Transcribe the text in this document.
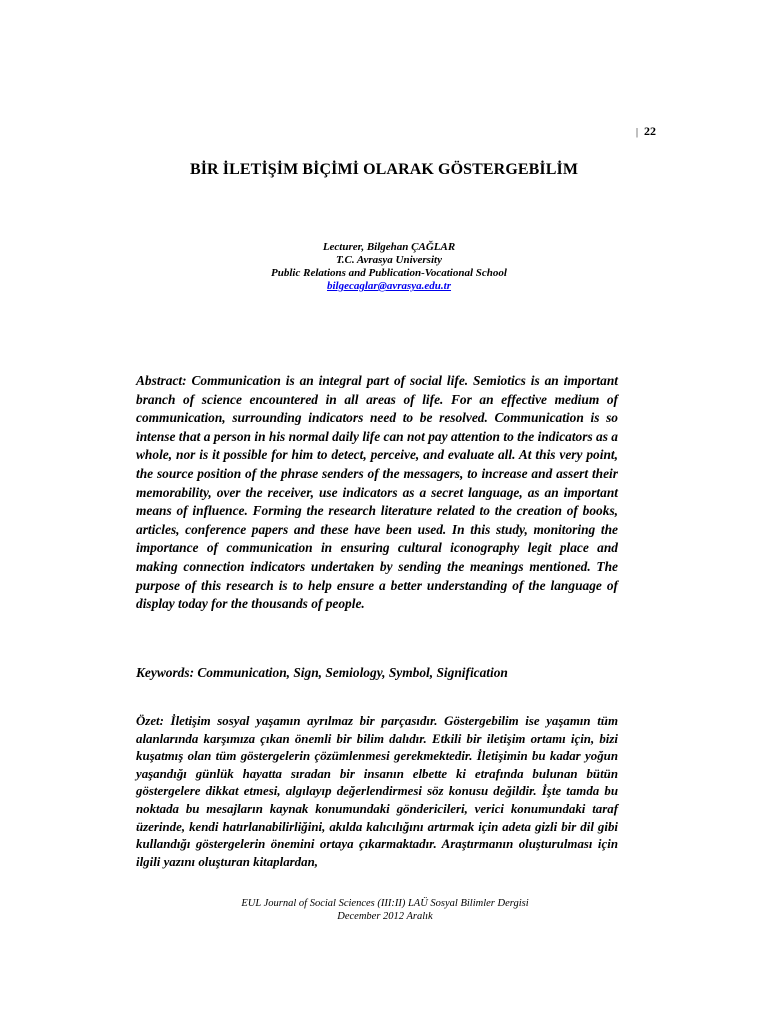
| 22
BİR İLETİŞİM BİÇİMİ OLARAK GÖSTERGEBİLİM
Lecturer, Bilgehan ÇAĞLAR
T.C. Avrasya University
Public Relations and Publication-Vocational School
bilgecaglar@avrasya.edu.tr

Abstract: Communication is an integral part of social life. Semiotics is an important branch of science encountered in all areas of life. For an effective medium of communication, surrounding indicators need to be resolved. Communication is so intense that a person in his normal daily life can not pay attention to the indicators as a whole, nor is it possible for him to detect, perceive, and evaluate all. At this very point, the source position of the phrase senders of the messagers, to increase and assert their memorability, over the receiver, use indicators as a secret language, as an important means of influence. Forming the research literature related to the creation of books, articles, conference papers and these have been used. In this study, monitoring the importance of communication in ensuring cultural iconography legit place and making connection indicators undertaken by sending the meanings mentioned. The purpose of this research is to help ensure a better understanding of the language of display today for the thousands of people.

Keywords: Communication, Sign, Semiology, Symbol, Signification

Özet: İletişim sosyal yaşamın ayrılmaz bir parçasıdır. Göstergebilim ise yaşamın tüm alanlarında karşımıza çıkan önemli bir bilim dalıdır. Etkili bir iletişim ortamı için, bizi kuşatmış olan tüm göstergelerin çözümlenmesi gerekmektedir. İletişimin bu kadar yoğun yaşandığı günlük hayatta sıradan bir insanın elbette ki etrafında bulunan bütün göstergelere dikkat etmesi, algılayıp değerlendirmesi söz konusu değildir. İşte tamda bu noktada bu mesajların kaynak konumundaki göndericileri, verici konumundaki taraf üzerinde, kendi hatırlanabilirliğini, akılda kalıcılığını artırmak için adeta gizli bir dil gibi kullandığı göstergelerin önemini ortaya çıkarmaktadır. Araştırmanın oluşturulması için ilgili yazını oluşturan kitaplardan,

EUL Journal of Social Sciences (III:II) LAÜ Sosyal Bilimler Dergisi
December 2012 Aralık
